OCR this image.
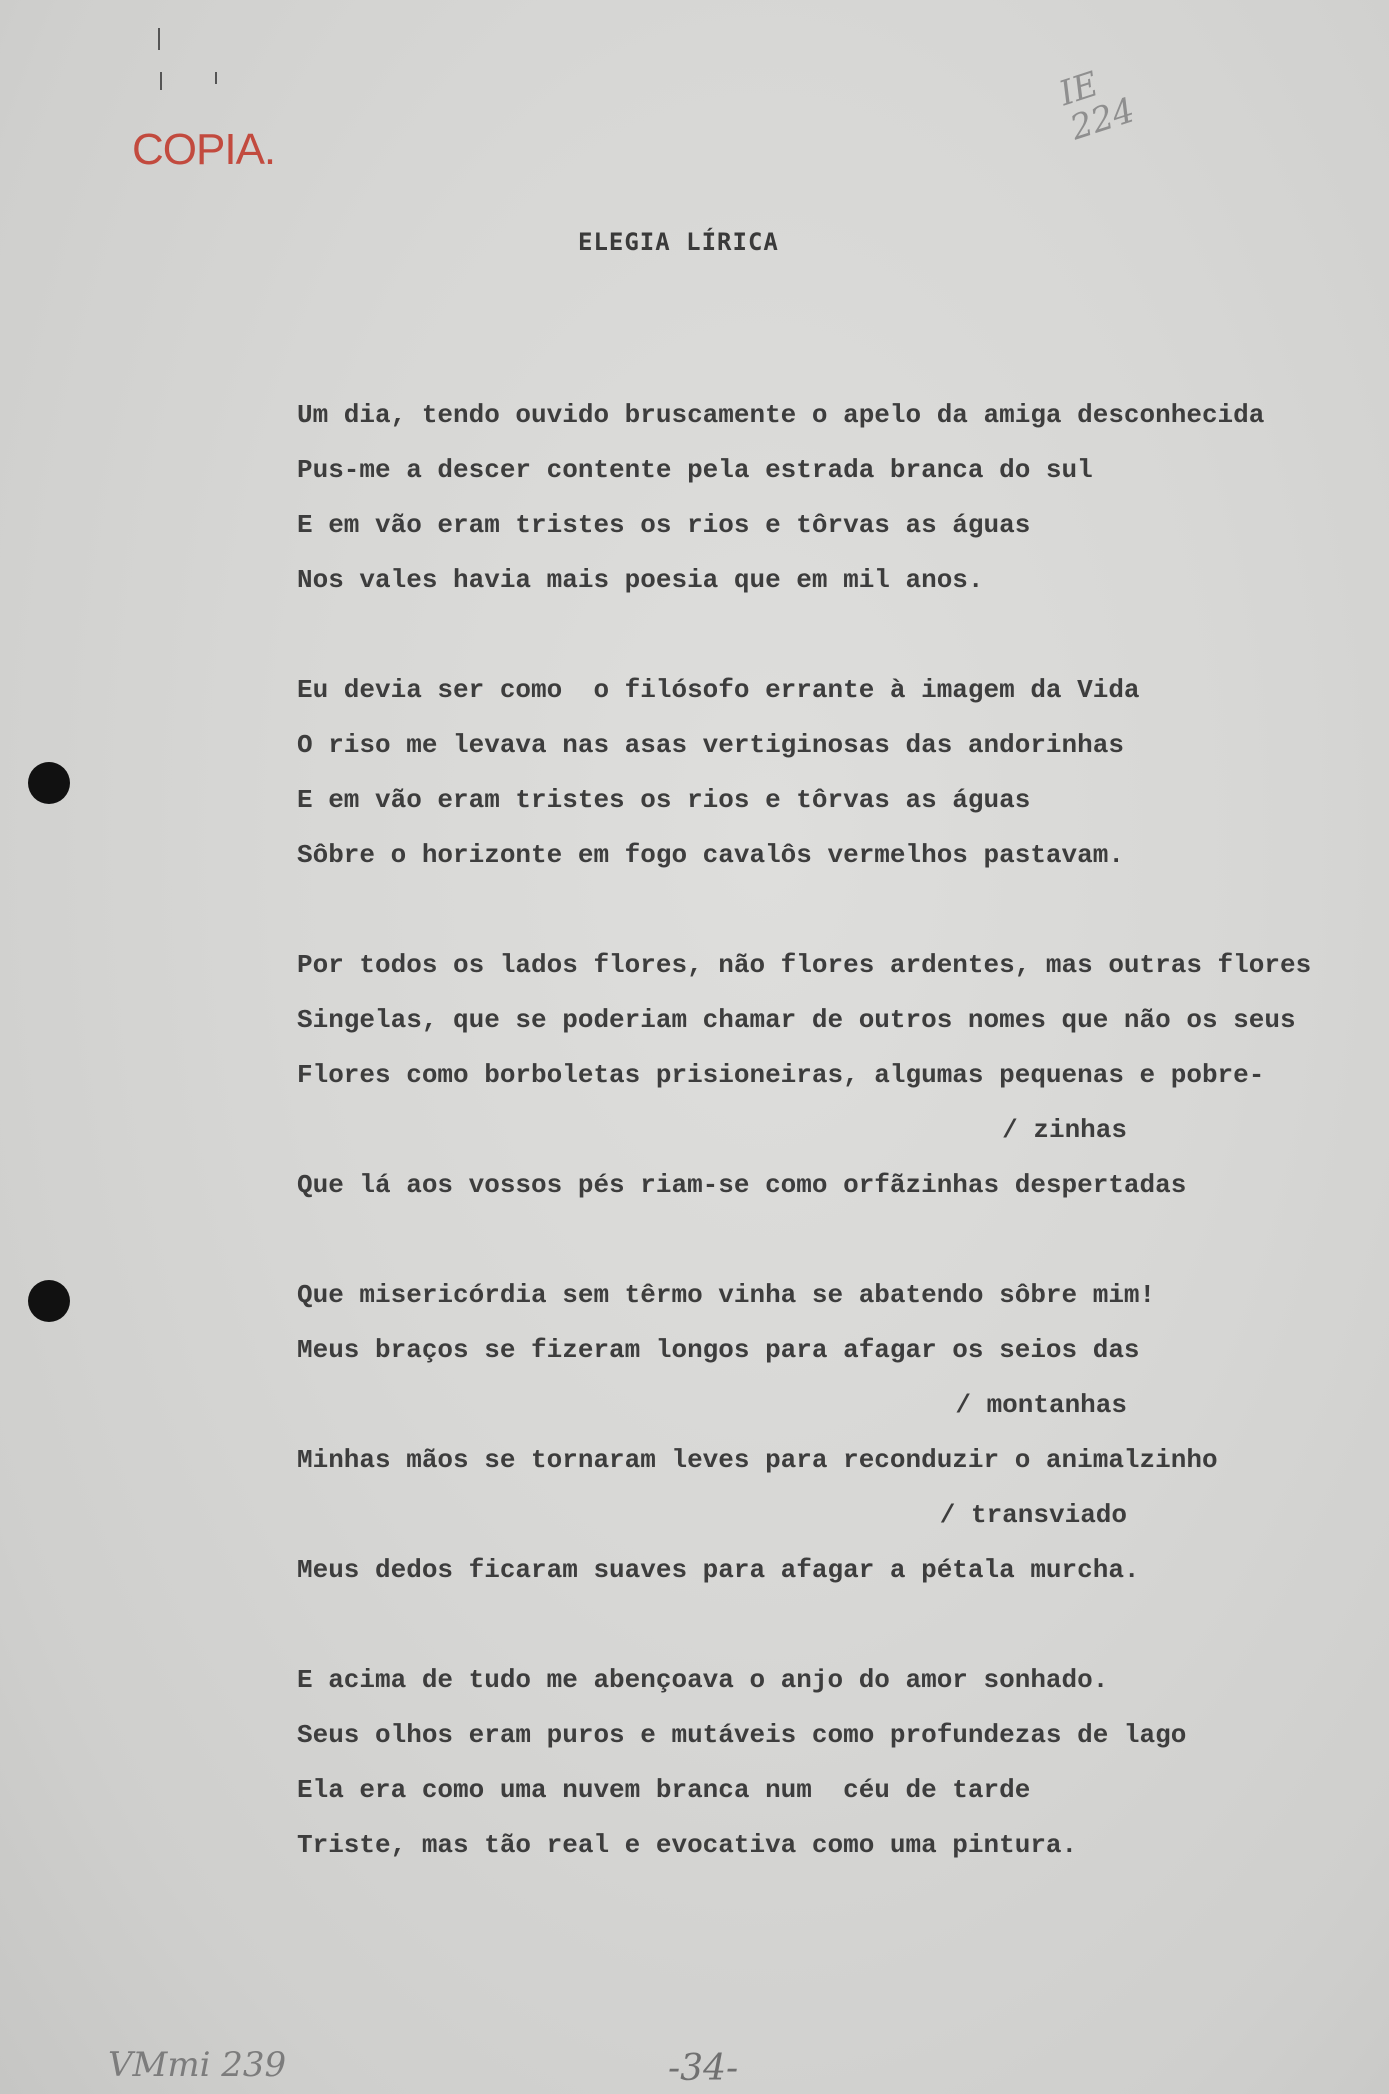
COPIA.
IE
224
ELEGIA LÍRICA
Um dia, tendo ouvido bruscamente o apelo da amiga desconhecida
Pus-me a descer contente pela estrada branca do sul
E em vão eram tristes os rios e tôrvas as águas
Nos vales havia mais poesia que em mil anos.
Eu devia ser como  o filósofo errante à imagem da Vida
O riso me levava nas asas vertiginosas das andorinhas
E em vão eram tristes os rios e tôrvas as águas
Sôbre o horizonte em fogo cavalôs vermelhos pastavam.
Por todos os lados flores, não flores ardentes, mas outras flores
Singelas, que se poderiam chamar de outros nomes que não os seus
Flores como borboletas prisioneiras, algumas pequenas e pobre-
/ zinhas
Que lá aos vossos pés riam-se como orfãzinhas despertadas
Que misericórdia sem têrmo vinha se abatendo sôbre mim!
Meus braços se fizeram longos para afagar os seios das
/ montanhas
Minhas mãos se tornaram leves para reconduzir o animalzinho
/ transviado
Meus dedos ficaram suaves para afagar a pétala murcha.
E acima de tudo me abençoava o anjo do amor sonhado.
Seus olhos eram puros e mutáveis como profundezas de lago
Ela era como uma nuvem branca num  céu de tarde
Triste, mas tão real e evocativa como uma pintura.
VMmi 239	-34-
